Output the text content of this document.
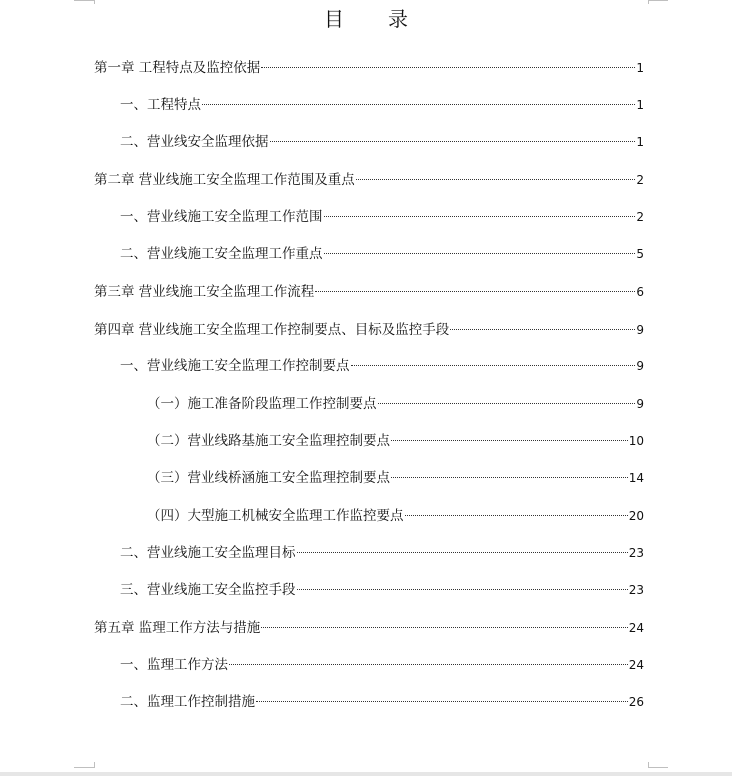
目 录
第一章 工程特点及监控依据	1
一、工程特点	1
二、营业线安全监理依据	1
第二章 营业线施工安全监理工作范围及重点	2
一、营业线施工安全监理工作范围	2
二、营业线施工安全监理工作重点	5
第三章 营业线施工安全监理工作流程	6
第四章 营业线施工安全监理工作控制要点、目标及监控手段	9
一、营业线施工安全监理工作控制要点	9
（一）施工准备阶段监理工作控制要点	9
（二）营业线路基施工安全监理控制要点	10
（三）营业线桥涵施工安全监理控制要点	14
（四）大型施工机械安全监理工作监控要点	20
二、营业线施工安全监理目标	23
三、营业线施工安全监控手段	23
第五章 监理工作方法与措施	24
一、监理工作方法	24
二、监理工作控制措施	26
